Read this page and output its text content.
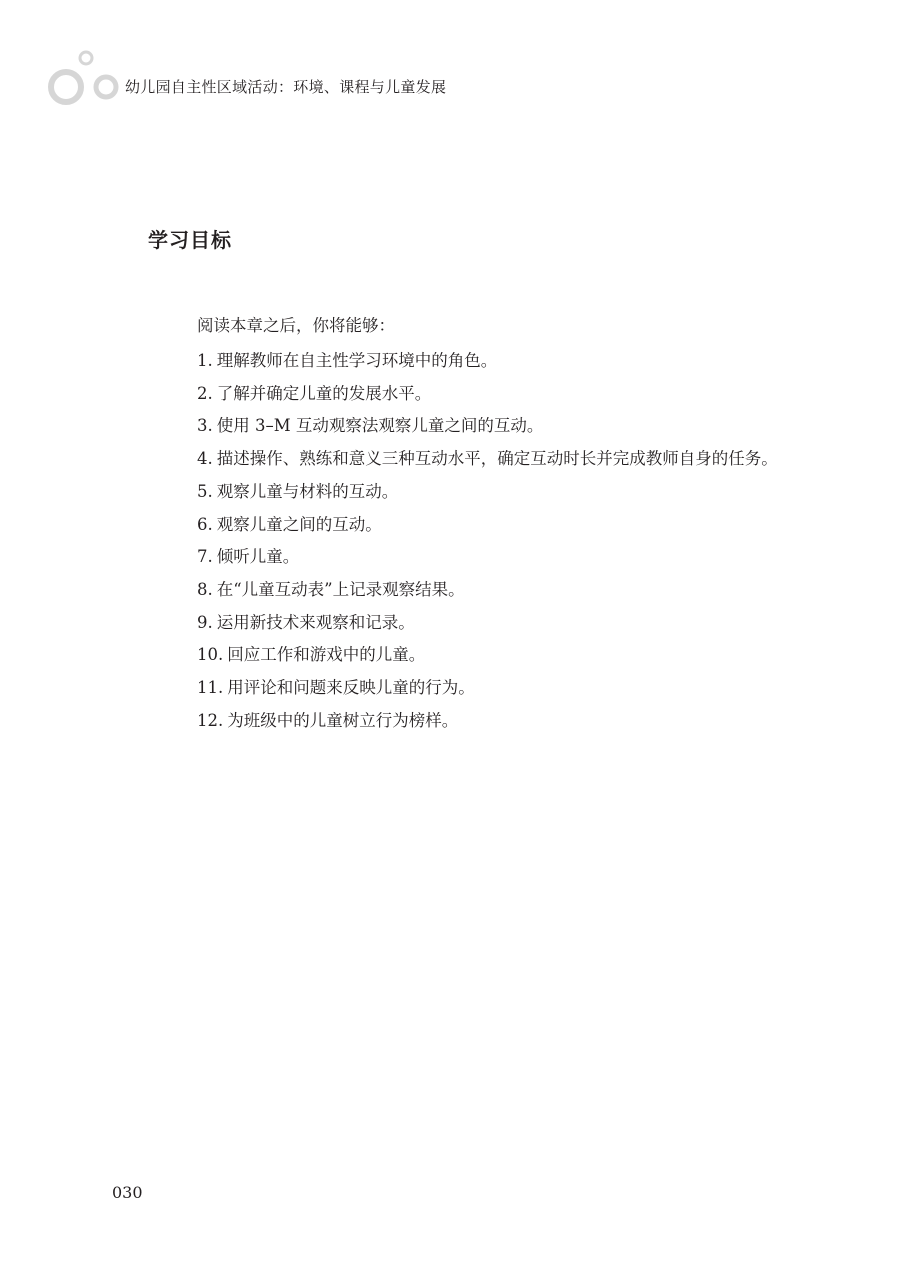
幼儿园自主性区域活动：环境、课程与儿童发展
学习目标
阅读本章之后，你将能够：
1. 理解教师在自主性学习环境中的角色。
2. 了解并确定儿童的发展水平。
3. 使用 3–M 互动观察法观察儿童之间的互动。
4. 描述操作、熟练和意义三种互动水平，确定互动时长并完成教师自身的任务。
5. 观察儿童与材料的互动。
6. 观察儿童之间的互动。
7. 倾听儿童。
8. 在“儿童互动表”上记录观察结果。
9. 运用新技术来观察和记录。
10. 回应工作和游戏中的儿童。
11. 用评论和问题来反映儿童的行为。
12. 为班级中的儿童树立行为榜样。
030
